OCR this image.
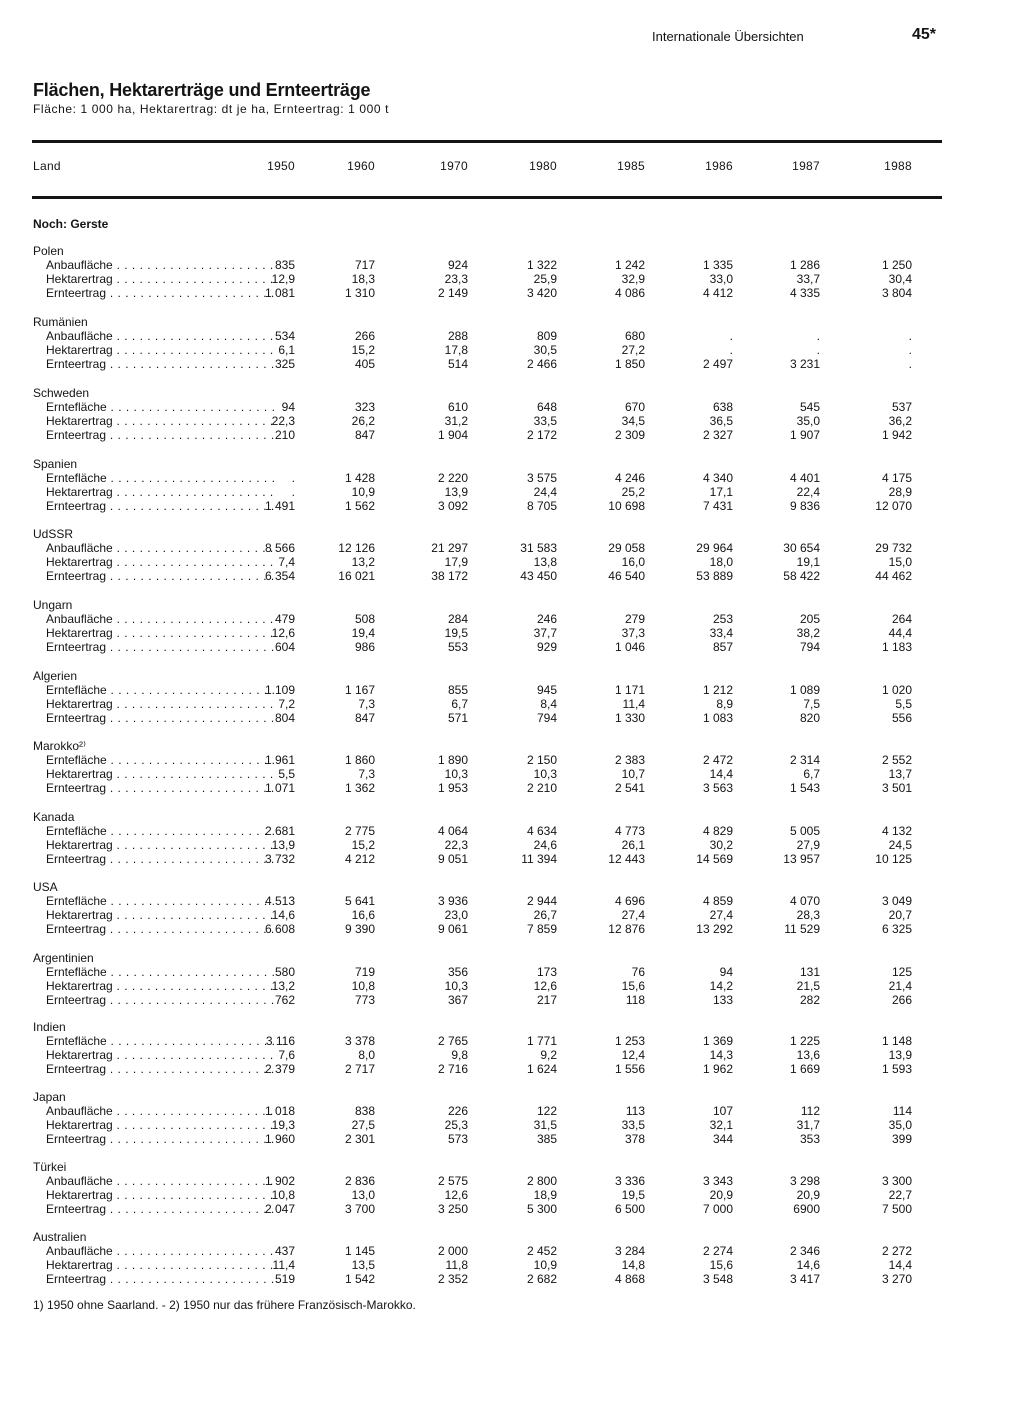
Internationale Übersichten	45*
Flächen, Hektarerträge und Ernteerträge
Fläche: 1 000 ha, Hektarertrag: dt je ha, Ernteertrag: 1 000 t
Land	1950	1960	1970	1980	1985	1986	1987	1988
Noch: Gerste
Polen
Anbaufläche . . .	835	717	924	1 322	1 242	1 335	1 286	1 250
Hektarertrag . . .	12,9	18,3	23,3	25,9	32,9	33,0	33,7	30,4
Ernteertrag . . .	1 081	1 310	2 149	3 420	4 086	4 412	4 335	3 804
Rumänien
Anbaufläche . . .	534	266	288	809	680	.	.	.
Hektarertrag . . .	6,1	15,2	17,8	30,5	27,2	.	.	.
Ernteertrag . . .	325	405	514	2 466	1 850	2 497	3 231	.
Schweden
Erntefläche . . .	94	323	610	648	670	638	545	537
Hektarertrag . . .	22,3	26,2	31,2	33,5	34,5	36,5	35,0	36,2
Ernteertrag . . .	210	847	1 904	2 172	2 309	2 327	1 907	1 942
Spanien
Erntefläche . . .	.	1 428	2 220	3 575	4 246	4 340	4 401	4 175
Hektarertrag . . .	.	10,9	13,9	24,4	25,2	17,1	22,4	28,9
Ernteertrag . . .	1 491	1 562	3 092	8 705	10 698	7 431	9 836	12 070
UdSSR
Anbaufläche . . .	8 566	12 126	21 297	31 583	29 058	29 964	30 654	29 732
Hektarertrag . . .	7,4	13,2	17,9	13,8	16,0	18,0	19,1	15,0
Ernteertrag . . .	6 354	16 021	38 172	43 450	46 540	53 889	58 422	44 462
Ungarn
Anbaufläche . . .	479	508	284	246	279	253	205	264
Hektarertrag . . .	12,6	19,4	19,5	37,7	37,3	33,4	38,2	44,4
Ernteertrag . . .	604	986	553	929	1 046	857	794	1 183
Algerien
Erntefläche . . .	1 109	1 167	855	945	1 171	1 212	1 089	1 020
Hektarertrag . . .	7,2	7,3	6,7	8,4	11,4	8,9	7,5	5,5
Ernteertrag . . .	804	847	571	794	1 330	1 083	820	556
Marokko²⁾
Erntefläche . . .	1 961	1 860	1 890	2 150	2 383	2 472	2 314	2 552
Hektarertrag . . .	5,5	7,3	10,3	10,3	10,7	14,4	6,7	13,7
Ernteertrag . . .	1 071	1 362	1 953	2 210	2 541	3 563	1 543	3 501
Kanada
Erntefläche . . .	2 681	2 775	4 064	4 634	4 773	4 829	5 005	4 132
Hektarertrag . . .	13,9	15,2	22,3	24,6	26,1	30,2	27,9	24,5
Ernteertrag . . .	3 732	4 212	9 051	11 394	12 443	14 569	13 957	10 125
USA
Erntefläche . . .	4 513	5 641	3 936	2 944	4 696	4 859	4 070	3 049
Hektarertrag . . .	14,6	16,6	23,0	26,7	27,4	27,4	28,3	20,7
Ernteertrag . . .	6 608	9 390	9 061	7 859	12 876	13 292	11 529	6 325
Argentinien
Erntefläche . . .	580	719	356	173	76	94	131	125
Hektarertrag . . .	13,2	10,8	10,3	12,6	15,6	14,2	21,5	21,4
Ernteertrag . . .	762	773	367	217	118	133	282	266
Indien
Erntefläche . . .	3 116	3 378	2 765	1 771	1 253	1 369	1 225	1 148
Hektarertrag . . .	7,6	8,0	9,8	9,2	12,4	14,3	13,6	13,9
Ernteertrag . . .	2 379	2 717	2 716	1 624	1 556	1 962	1 669	1 593
Japan
Anbaufläche . . .	1 018	838	226	122	113	107	112	114
Hektarertrag . . .	19,3	27,5	25,3	31,5	33,5	32,1	31,7	35,0
Ernteertrag . . .	1 960	2 301	573	385	378	344	353	399
Türkei
Anbaufläche . . .	1 902	2 836	2 575	2 800	3 336	3 343	3 298	3 300
Hektarertrag . . .	10,8	13,0	12,6	18,9	19,5	20,9	20,9	22,7
Ernteertrag . . .	2 047	3 700	3 250	5 300	6 500	7 000	6900	7 500
Australien
Anbaufläche . . .	437	1 145	2 000	2 452	3 284	2 274	2 346	2 272
Hektarertrag . . .	11,4	13,5	11,8	10,9	14,8	15,6	14,6	14,4
Ernteertrag . . .	519	1 542	2 352	2 682	4 868	3 548	3 417	3 270
1) 1950 ohne Saarland. - 2) 1950 nur das frühere Französisch-Marokko.
